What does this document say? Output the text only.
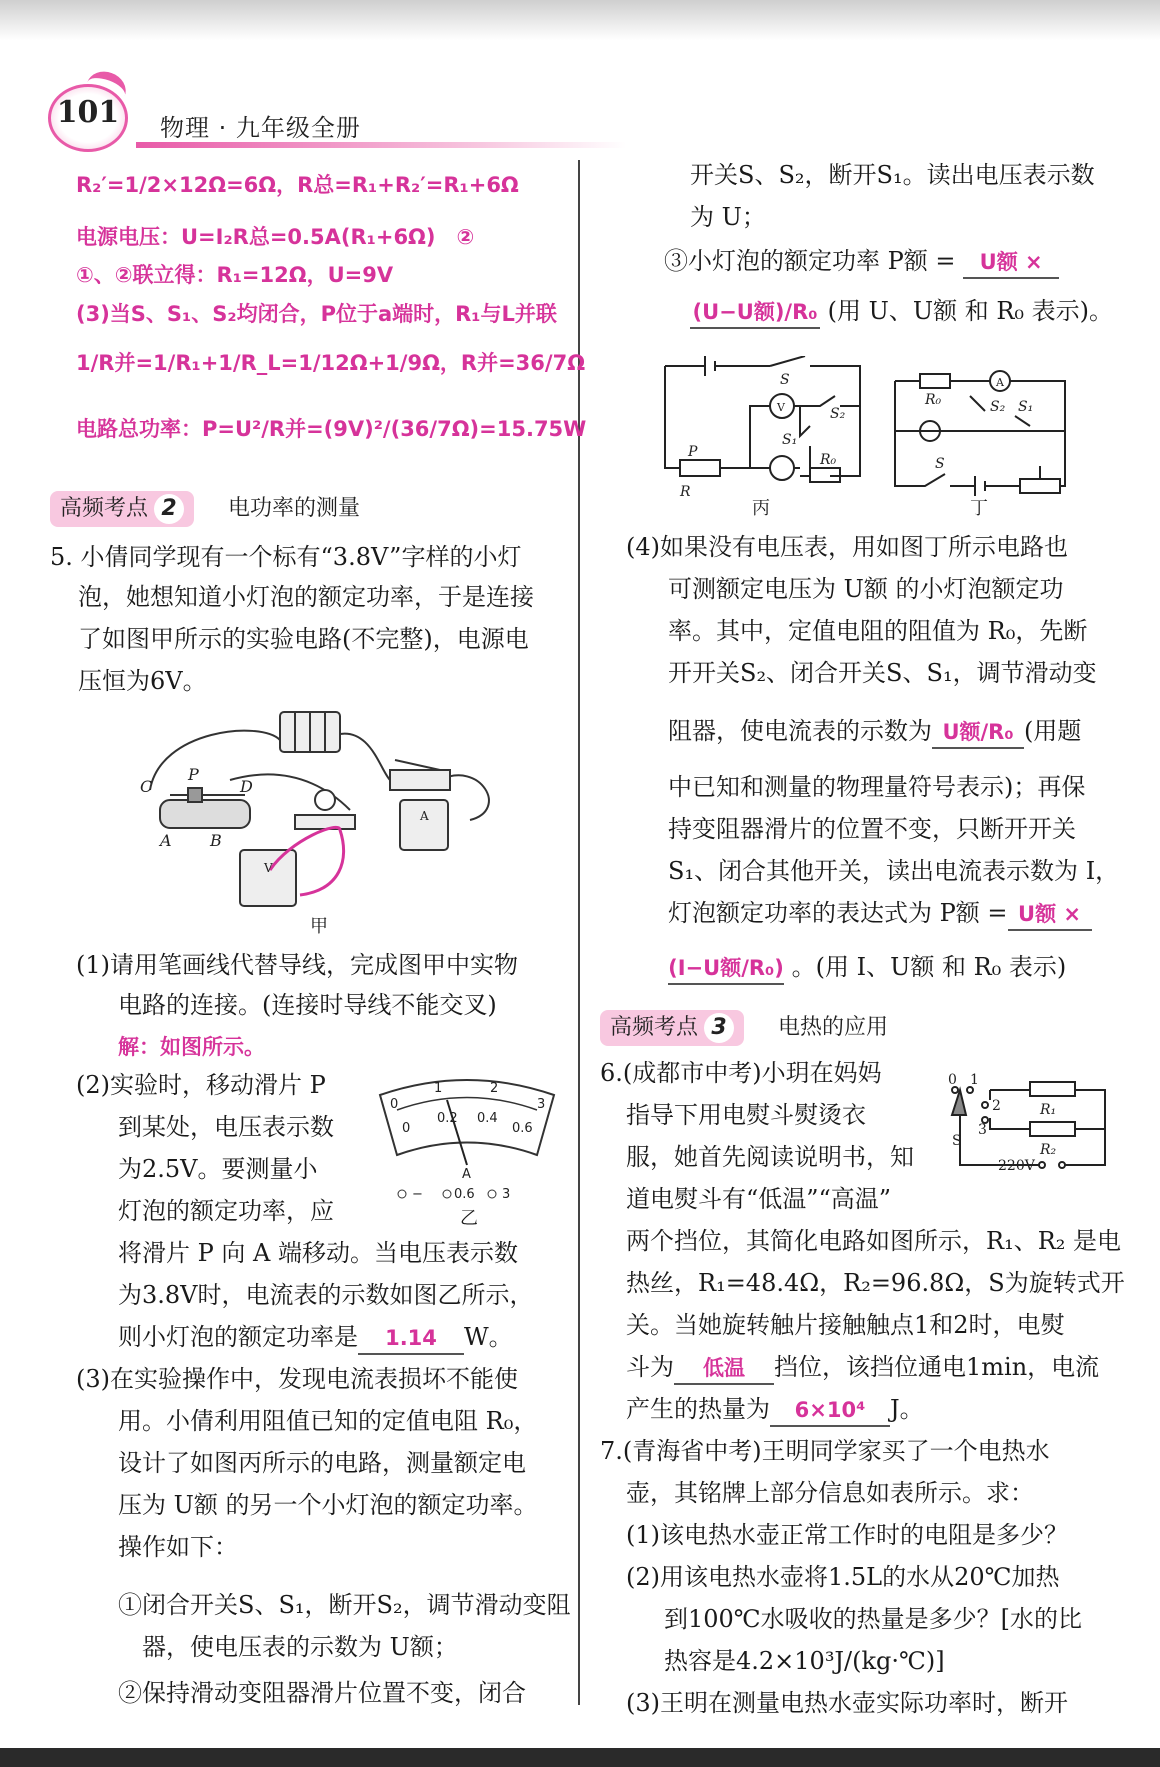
101 物理 · 九年级全册
R₂′=1/2×12Ω=6Ω，R总=R₁+R₂′=R₁+6Ω
电源电压：U=I₂R总=0.5A(R₁+6Ω)　②
①、②联立得：R₁=12Ω，U=9V
(3)当S、S₁、S₂均闭合，P位于a端时，R₁与L并联
1/R并=1/R₁+1/R_L=1/12Ω+1/9Ω，R并=36/7Ω
电路总功率：P=U²/R并=(9V)²/(36/7Ω)=15.75W
高频考点 2	电功率的测量
5. 小倩同学现有一个标有“3.8V”字样的小灯
泡，她想知道小灯泡的额定功率，于是连接
了如图甲所示的实验电路(不完整)，电源电
压恒为6V。
C
P
D
A B
A
V
甲
(1)请用笔画线代替导线，完成图甲中实物
电路的连接。(连接时导线不能交叉)
解：如图所示。
(2)实验时，移动滑片 P
到某处，电压表示数
为2.5V。要测量小
灯泡的额定功率，应
0
1	2
3
0
0.2 0.4
0.6
A
− 0.6 3
乙
将滑片 P 向 A 端移动。当电压表示数
为3.8V时，电流表的示数如图乙所示，
则小灯泡的额定功率是 1.14 W。
(3)在实验操作中，发现电流表损坏不能使
用。小倩利用阻值已知的定值电阻 R₀，
设计了如图丙所示的电路，测量额定电
压为 U额 的另一个小灯泡的额定功率。
操作如下：
①闭合开关S、S₁，断开S₂，调节滑动变阻
器，使电压表的示数为 U额；
②保持滑动变阻器滑片位置不变，闭合
开关S、S₂，断开S₁。读出电压表示数
为 U；
③小灯泡的额定功率 P额 = U额 ×
(U−U额)/R₀ (用 U、U额 和 R₀ 表示)。
S
V	S₂
S₁
R₀
P
R
R₀
A
S₂ S₁
S
丙	丁
(4)如果没有电压表，用如图丁所示电路也
可测额定电压为 U额 的小灯泡额定功
率。其中，定值电阻的阻值为 R₀，先断
开开关S₂、闭合开关S、S₁，调节滑动变
阻器，使电流表的示数为 U额/R₀ (用题
中已知和测量的物理量符号表示)；再保
持变阻器滑片的位置不变，只断开开关
S₁、闭合其他开关，读出电流表示数为 I，
灯泡额定功率的表达式为 P额 = U额 ×
(I−U额/R₀) 。(用 I、U额 和 R₀ 表示)
高频考点 3	电热的应用
6.(成都市中考)小玥在妈妈
指导下用电熨斗熨烫衣
服，她首先阅读说明书，知
道电熨斗有“低温”“高温”
0 1
2
3
S
R₁
R₂
220V
两个挡位，其简化电路如图所示，R₁、R₂ 是电
热丝，R₁=48.4Ω，R₂=96.8Ω，S为旋转式开
关。当她旋转触片接触触点1和2时，电熨
斗为 低温 挡位，该挡位通电1min，电流
产生的热量为 6×10⁴ J。
7.(青海省中考)王明同学家买了一个电热水
壶，其铭牌上部分信息如表所示。求：
(1)该电热水壶正常工作时的电阻是多少？
(2)用该电热水壶将1.5L的水从20℃加热
到100℃水吸收的热量是多少？[水的比
热容是4.2×10³J/(kg·℃)]
(3)王明在测量电热水壶实际功率时，断开
